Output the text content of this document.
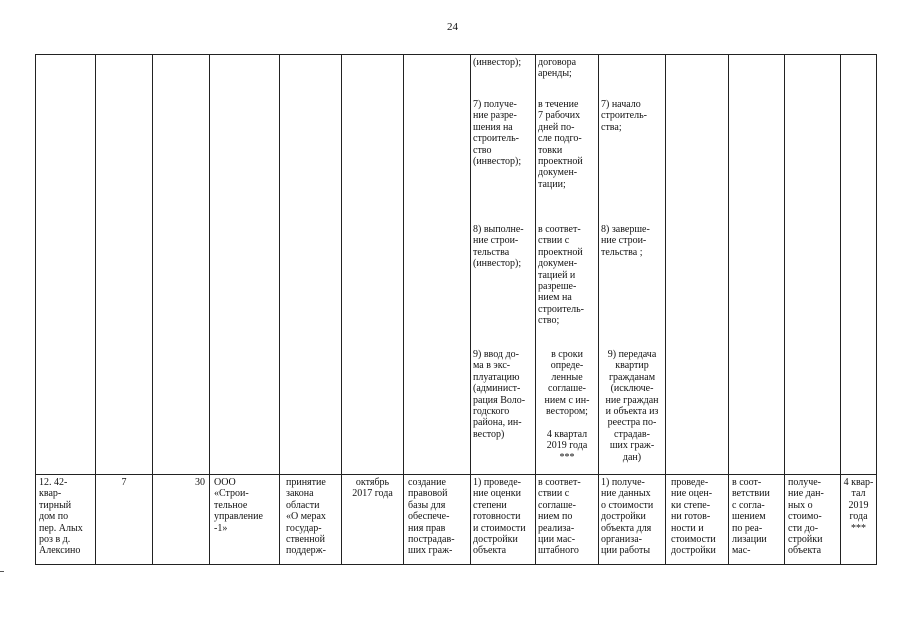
24
(инвестор);
7) получе-
ние разре-
шения на
строитель-
ство
(инвестор);
8) выполне-
ние строи-
тельства
(инвестор);
9) ввод до-
ма в экс-
плуатацию
(админист-
рация Воло-
годского
района, ин-
вестор)
договора
аренды;
в течение
7 рабочих
дней по-
сле подго-
товки
проектной
докумен-
тации;
в соответ-
ствии с
проектной
докумен-
тацией и
разреше-
нием на
строитель-
ство;
в сроки
опреде-
ленные
соглаше-
нием с ин-
вестором;

4 квартал
2019 года
***
7) начало
строитель-
ства;
8) заверше-
ние строи-
тельства ;
9) передача
квартир
гражданам
(исключе-
ние граждан
и объекта из
реестра по-
страдав-
ших граж-
дан)
12. 42-
квар-
тирный
дом по
пер. Алых
роз в д.
Алексино
7	30 ООО
«Строи-
тельное
управление
-1»
принятие
закона
области
«О мерах
государ-
ственной
поддерж-
октябрь
2017 года
создание
правовой
базы для
обеспече-
ния прав
пострадав-
ших граж-
1) проведе-
ние оценки
степени
готовности
и стоимости
достройки
объекта
в соответ-
ствии с
соглаше-
нием по
реализа-
ции мас-
штабного
1) получе-
ние данных
о стоимости
достройки
объекта для
организа-
ции работы
проведе-
ние оцен-
ки степе-
ни готов-
ности и
стоимости
достройки
в соот-
ветствии
с согла-
шением
по реа-
лизации
мас-
получе-
ние дан-
ных о
стоимо-
сти до-
стройки
объекта
4 квар-
тал
2019
года
***
